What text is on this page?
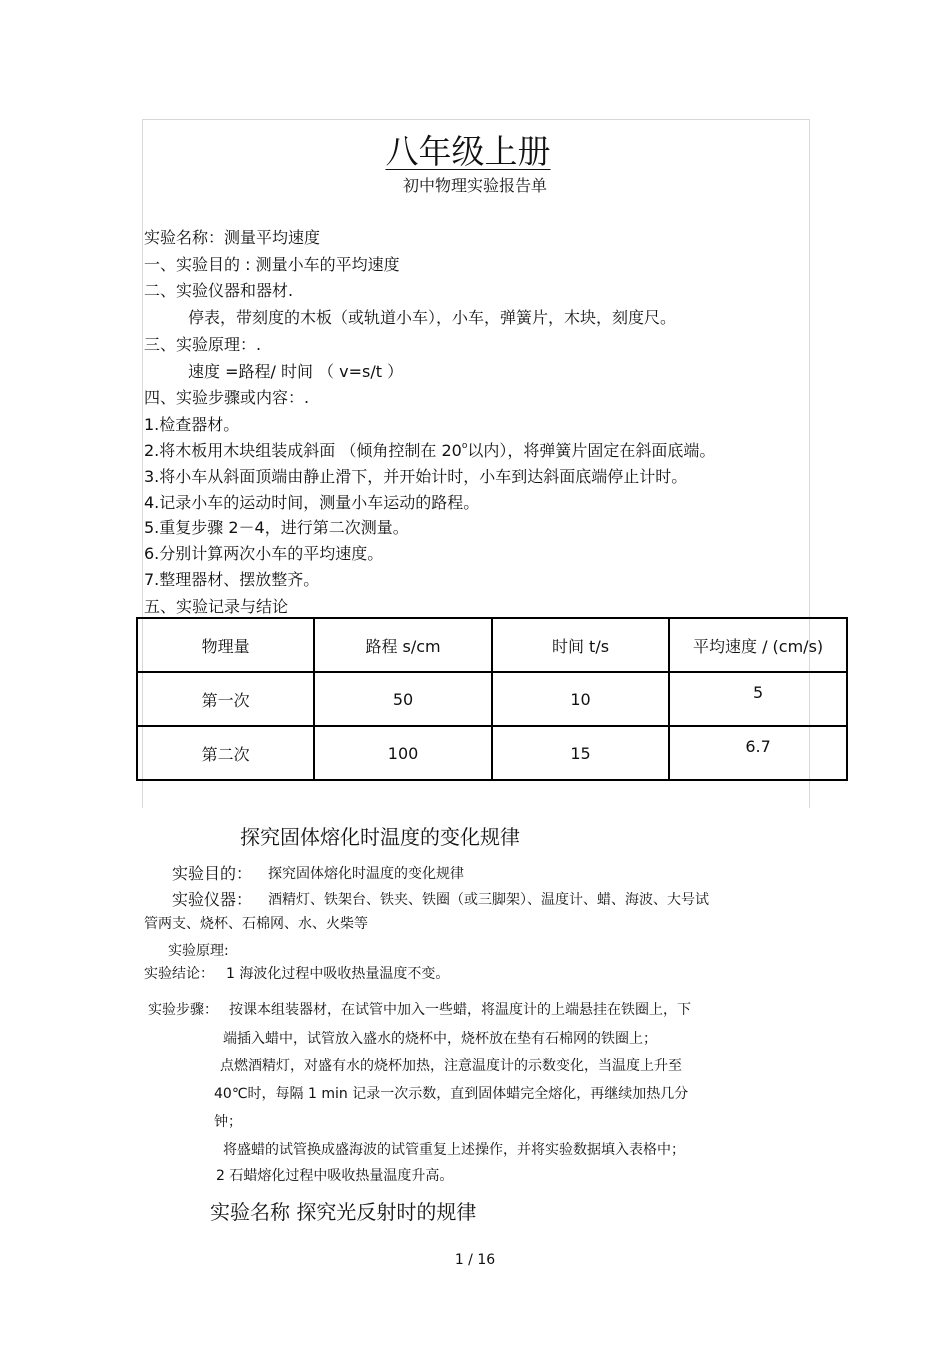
八年级上册
初中物理实验报告单
实验名称：测量平均速度
一、实验目的 : 测量小车的平均速度
二、实验仪器和器材.
停表，带刻度的木板（或轨道小车），小车，弹簧片，木块，刻度尺。
三、实验原理：.
速度 =路程/ 时间 （ v=s/t ）
四、实验步骤或内容：.
1.检查器材。
2.将木板用木块组装成斜面 （倾角控制在 20$^o$以内），将弹簧片固定在斜面底端。
3.将小车从斜面顶端由静止滑下，并开始计时，小车到达斜面底端停止计时。
4.记录小车的运动时间，测量小车运动的路程。
5.重复步骤 2－4，进行第二次测量。
6.分别计算两次小车的平均速度。
7.整理器材、摆放整齐。
五、实验记录与结论
物理量	路程 s/cm	时间 t/s	平均速度 / (cm/s)
第一次	50	10	5
第二次	100	15	6.7
探究固体熔化时温度的变化规律
实验目的： 探究固体熔化时温度的变化规律
实验仪器： 酒精灯、铁架台、铁夹、铁圈（或三脚架）、温度计、蜡、海波、大号试
管两支、烧杯、石棉网、水、火柴等
实验原理:
实验结论： 1 海波化过程中吸收热量温度不变。
实验步骤： 按课本组装器材，在试管中加入一些蜡，将温度计的上端悬挂在铁圈上，下
端插入蜡中，试管放入盛水的烧杯中，烧杯放在垫有石棉网的铁圈上；
点燃酒精灯，对盛有水的烧杯加热，注意温度计的示数变化，当温度上升至
40℃时，每隔 1 min 记录一次示数，直到固体蜡完全熔化，再继续加热几分
钟；
将盛蜡的试管换成盛海波的试管重复上述操作，并将实验数据填入表格中；
2 石蜡熔化过程中吸收热量温度升高。
实验名称 探究光反射时的规律
1 / 16
